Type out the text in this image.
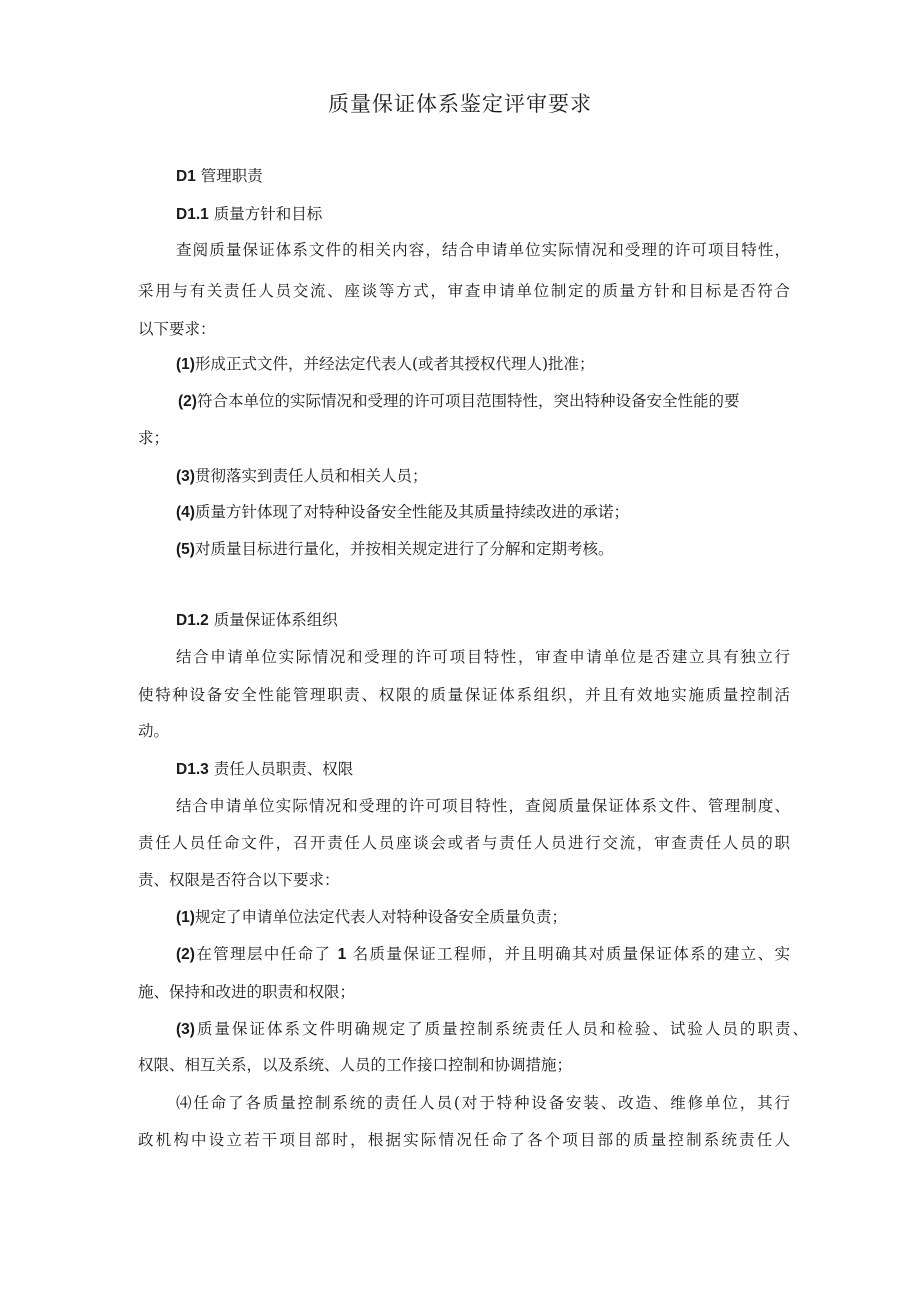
质量保证体系鉴定评审要求

D1 管理职责

D1.1 质量方针和目标

查阅质量保证体系文件的相关内容，结合申请单位实际情况和受理的许可项目特性，

采用与有关责任人员交流、座谈等方式，审查申请单位制定的质量方针和目标是否符合

以下要求：

(1)形成正式文件，并经法定代表人(或者其授权代理人)批准；

(2)符合本单位的实际情况和受理的许可项目范围特性，突出特种设备安全性能的要

求；

(3)贯彻落实到责任人员和相关人员；

(4)质量方针体现了对特种设备安全性能及其质量持续改进的承诺；

(5)对质量目标进行量化，并按相关规定进行了分解和定期考核。

D1.2 质量保证体系组织

结合申请单位实际情况和受理的许可项目特性，审查申请单位是否建立具有独立行

使特种设备安全性能管理职责、权限的质量保证体系组织，并且有效地实施质量控制活

动。

D1.3 责任人员职责、权限

结合申请单位实际情况和受理的许可项目特性，查阅质量保证体系文件、管理制度、

责任人员任命文件，召开责任人员座谈会或者与责任人员进行交流，审查责任人员的职

责、权限是否符合以下要求：

(1)规定了申请单位法定代表人对特种设备安全质量负责；

(2)在管理层中任命了 1 名质量保证工程师，并且明确其对质量保证体系的建立、实

施、保持和改进的职责和权限；

(3)质量保证体系文件明确规定了质量控制系统责任人员和检验、试验人员的职责、

权限、相互关系，以及系统、人员的工作接口控制和协调措施；

⑷任命了各质量控制系统的责任人员(对于特种设备安装、改造、维修单位，其行

政机构中设立若干项目部时，根据实际情况任命了各个项目部的质量控制系统责任人
